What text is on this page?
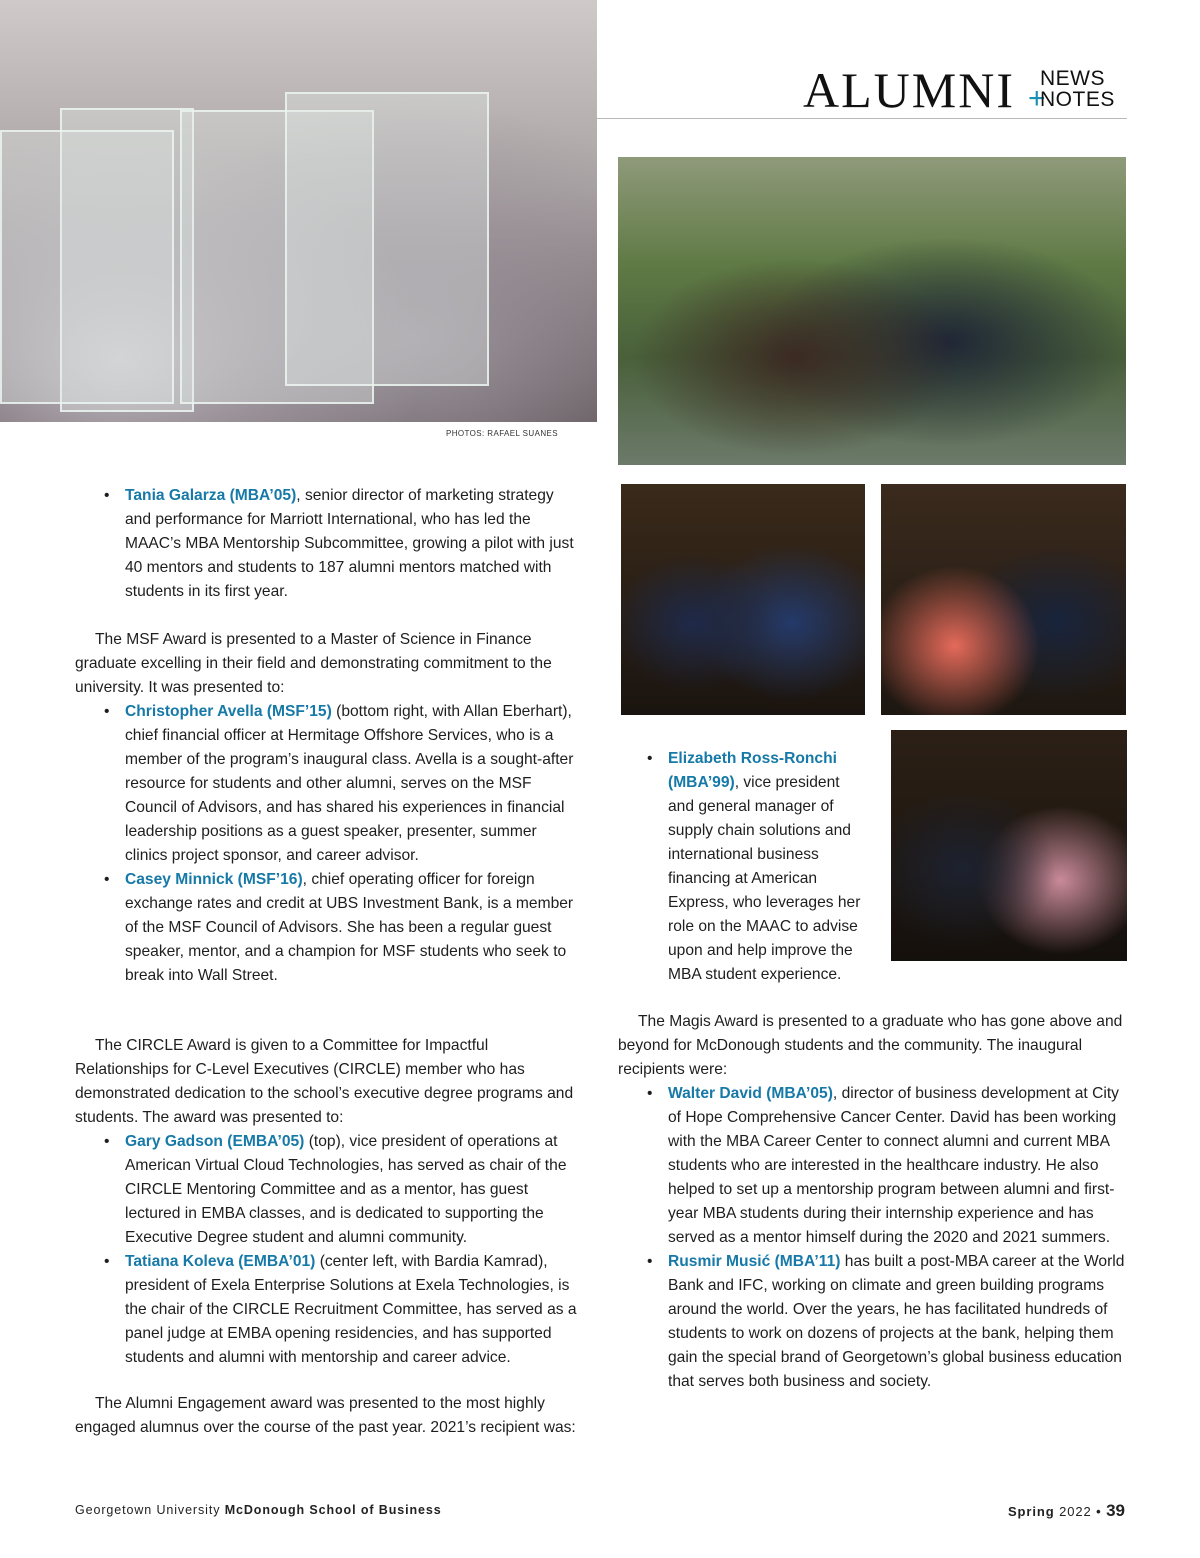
PHOTOS: RAFAEL SUANES
ALUMNI +
NEWS
NOTES
• Tania Galarza (MBA’05), senior director of marketing strategy and performance for Marriott International, who has led the MAAC’s MBA Mentorship Subcommittee, growing a pilot with just 40 mentors and students to 187 alumni mentors matched with students in its first year.

The MSF Award is presented to a Master of Science in Finance graduate excelling in their field and demonstrating commitment to the university. It was presented to:

• Christopher Avella (MSF’15) (bottom right, with Allan Eberhart), chief financial officer at Hermitage Offshore Services, who is a member of the program’s inaugural class. Avella is a sought-after resource for students and other alumni, serves on the MSF Council of Advisors, and has shared his experiences in financial leadership positions as a guest speaker, presenter, summer clinics project sponsor, and career advisor.
• Casey Minnick (MSF’16), chief operating officer for foreign exchange rates and credit at UBS Investment Bank, is a member of the MSF Council of Advisors. She has been a regular guest speaker, mentor, and a champion for MSF students who seek to break into Wall Street.

The CIRCLE Award is given to a Committee for Impactful Relationships for C-Level Executives (CIRCLE) member who has demonstrated dedication to the school’s executive degree programs and students. The award was presented to:

• Gary Gadson (EMBA’05) (top), vice president of operations at American Virtual Cloud Technologies, has served as chair of the CIRCLE Mentoring Committee and as a mentor, has guest lectured in EMBA classes, and is dedicated to supporting the Executive Degree student and alumni community.
• Tatiana Koleva (EMBA’01) (center left, with Bardia Kamrad), president of Exela Enterprise Solutions at Exela Technologies, is the chair of the CIRCLE Recruitment Committee, has served as a panel judge at EMBA opening residencies, and has supported students and alumni with mentorship and career advice.

The Alumni Engagement award was presented to the most highly engaged alumnus over the course of the past year. 2021’s recipient was:

• Elizabeth Ross-Ronchi (MBA’99), vice president and general manager of supply chain solutions and international business financing at American Express, who leverages her role on the MAAC to advise upon and help improve the MBA student experience.

The Magis Award is presented to a graduate who has gone above and beyond for McDonough students and the community. The inaugural recipients were:

• Walter David (MBA’05), director of business development at City of Hope Comprehensive Cancer Center. David has been working with the MBA Career Center to connect alumni and current MBA students who are interested in the healthcare industry. He also helped to set up a mentorship program between alumni and first-year MBA students during their internship experience and has served as a mentor himself during the 2020 and 2021 summers.
• Rusmir Musić (MBA’11) has built a post-MBA career at the World Bank and IFC, working on climate and green building programs around the world. Over the years, he has facilitated hundreds of students to work on dozens of projects at the bank, helping them gain the special brand of Georgetown’s global business education that serves both business and society.
Georgetown University McDonough School of Business	Spring 2022 • 39
